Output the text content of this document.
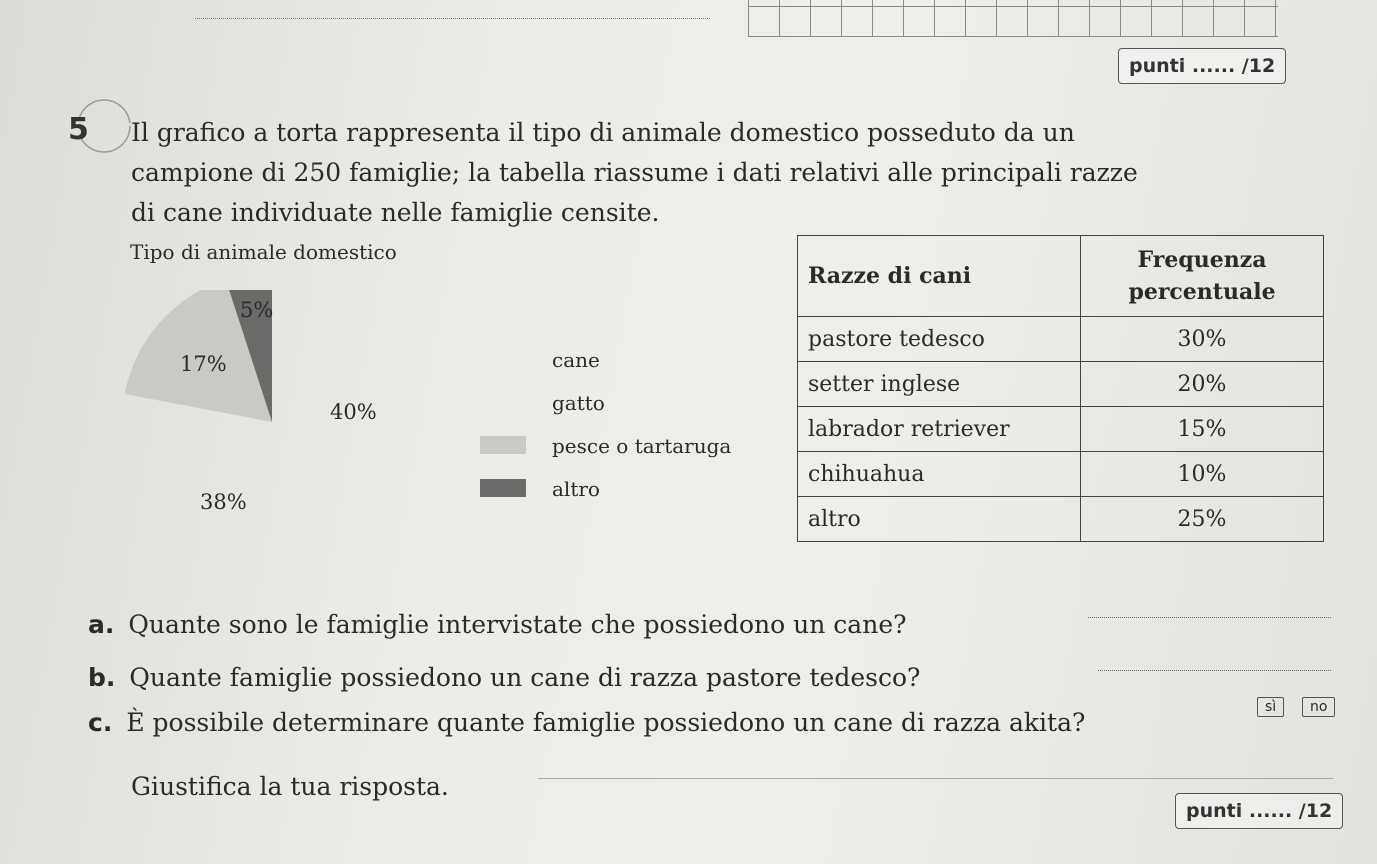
punti ...... /12
5 Il grafico a torta rappresenta il tipo di animale domestico posseduto da un
campione di 250 famiglie; la tabella riassume i dati relativi alle principali razze
di cane individuate nelle famiglie censite.
Tipo di animale domestico
40%
38%
17%
5%
cane
gatto
pesce o tartaruga
altro
Razze di cani	Frequenza percentuale
pastore tedesco	30%
setter inglese	20%
labrador retriever	15%
chihuahua	10%
altro	25%
a. Quante sono le famiglie intervistate che possiedono un cane?
b. Quante famiglie possiedono un cane di razza pastore tedesco?
c. È possibile determinare quante famiglie possiedono un cane di razza akita?
sì	no
Giustifica la tua risposta.
punti ...... /12
